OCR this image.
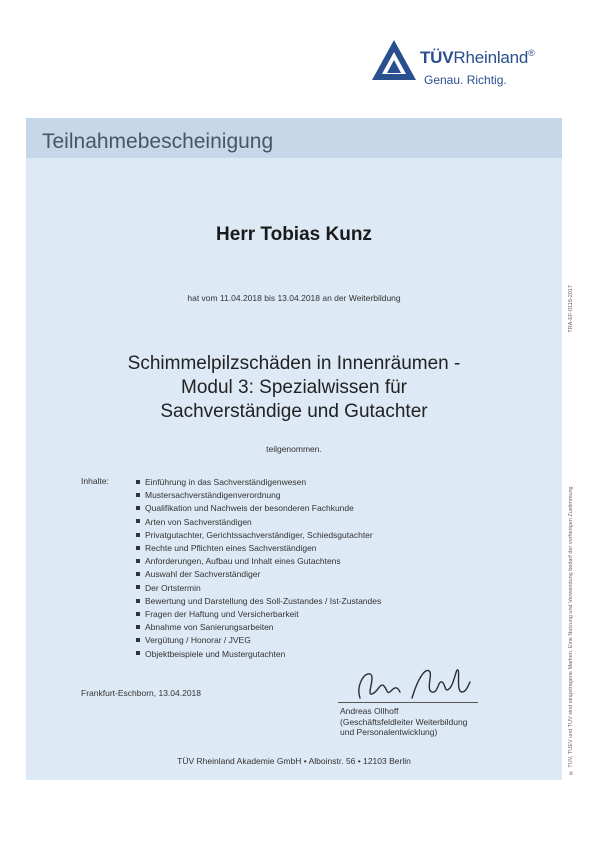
TÜVRheinland®
Genau. Richtig.
Teilnahmebescheinigung
Herr Tobias Kunz
hat vom 11.04.2018 bis 13.04.2018 an der Weiterbildung
Schimmelpilzschäden in Innenräumen -
Modul 3: Spezialwissen für
Sachverständige und Gutachter
teilgenommen.
Inhalte:	Einführung in das Sachverständigenwesen
Mustersachverständigenverordnung
Qualifikation und Nachweis der besonderen Fachkunde
Arten von Sachverständigen
Privatgutachter, Gerichtssachverständiger, Schiedsgutachter
Rechte und Pflichten eines Sachverständigen
Anforderungen, Aufbau und Inhalt eines Gutachtens
Auswahl der Sachverständiger
Der Ortstermin
Bewertung und Darstellung des Soll-Zustandes / Ist-Zustandes
Fragen der Haftung und Versicherbarkeit
Abnahme von Sanierungsarbeiten
Vergütung / Honorar / JVEG
Objektbeispiele und Mustergutachten
Frankfurt-Eschborn, 13.04.2018
Andreas Ollhoff
(Geschäftsfeldleiter Weiterbildung
und Personalentwicklung)
TÜV Rheinland Akademie GmbH • Alboinstr. 56 • 12103 Berlin
TRA-EF-0116-2017
® TÜV, TUEV und TUV sind eingetragene Marken. Eine Nutzung und Verwendung bedarf der vorherigen Zustimmung
